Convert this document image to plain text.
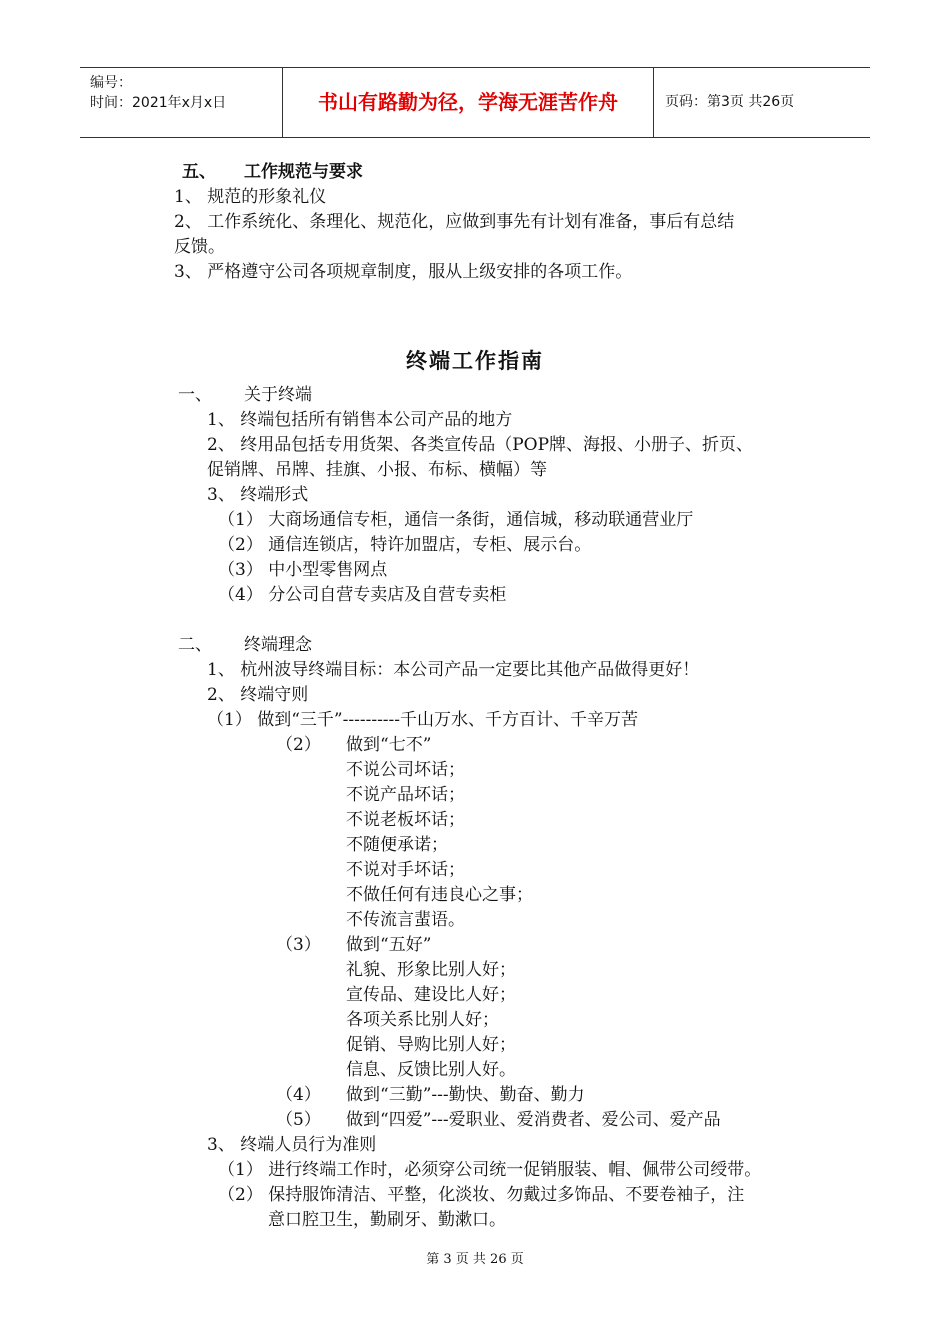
编号：
时间：2021年x月x日	书山有路勤为径，学海无涯苦作舟	页码：第3页 共26页
五、 工作规范与要求
1、 规范的形象礼仪
2、 工作系统化、条理化、规范化，应做到事先有计划有准备，事后有总结
反馈。
3、 严格遵守公司各项规章制度，服从上级安排的各项工作。
终端工作指南
一、 关于终端
1、 终端包括所有销售本公司产品的地方
2、 终用品包括专用货架、各类宣传品（POP牌、海报、小册子、折页、
促销牌、吊牌、挂旗、小报、布标、横幅）等
3、 终端形式
（1） 大商场通信专柜，通信一条街，通信城，移动联通营业厅
（2） 通信连锁店，特许加盟店，专柜、展示台。
（3） 中小型零售网点
（4） 分公司自营专卖店及自营专卖柜
二、 终端理念
1、 杭州波导终端目标：本公司产品一定要比其他产品做得更好！
2、 终端守则
（1） 做到“三千”----------千山万水、千方百计、千辛万苦
（2） 做到“七不”
不说公司坏话；
不说产品坏话；
不说老板坏话；
不随便承诺；
不说对手坏话；
不做任何有违良心之事；
不传流言蜚语。
（3） 做到“五好”
礼貌、形象比别人好；
宣传品、建设比人好；
各项关系比别人好；
促销、导购比别人好；
信息、反馈比别人好。
（4） 做到“三勤”---勤快、勤奋、勤力
（5） 做到“四爱”---爱职业、爱消费者、爱公司、爱产品
3、 终端人员行为准则
（1） 进行终端工作时，必须穿公司统一促销服装、帽、佩带公司绶带。
（2） 保持服饰清洁、平整，化淡妆、勿戴过多饰品、不要卷袖子，注
意口腔卫生，勤刷牙、勤漱口。
第 3 页 共 26 页
